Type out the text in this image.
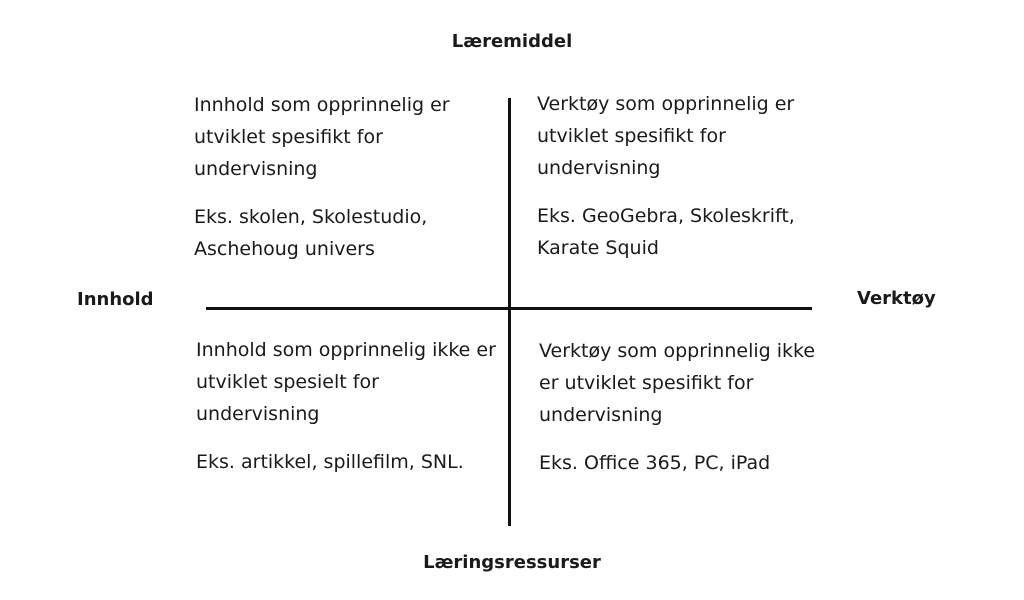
Læremiddel
Læringsressurser
Innhold	Verktøy

Innhold som opprinnelig er utviklet spesifikt for undervisning

Eks. skolen, Skolestudio, Aschehoug univers

Verktøy som opprinnelig er utviklet spesifikt for undervisning

Eks. GeoGebra, Skoleskrift, Karate Squid

Innhold som opprinnelig ikke er utviklet spesielt for undervisning

Eks. artikkel, spillefilm, SNL.

Verktøy som opprinnelig ikke er utviklet spesifikt for undervisning

Eks. Office 365, PC, iPad
